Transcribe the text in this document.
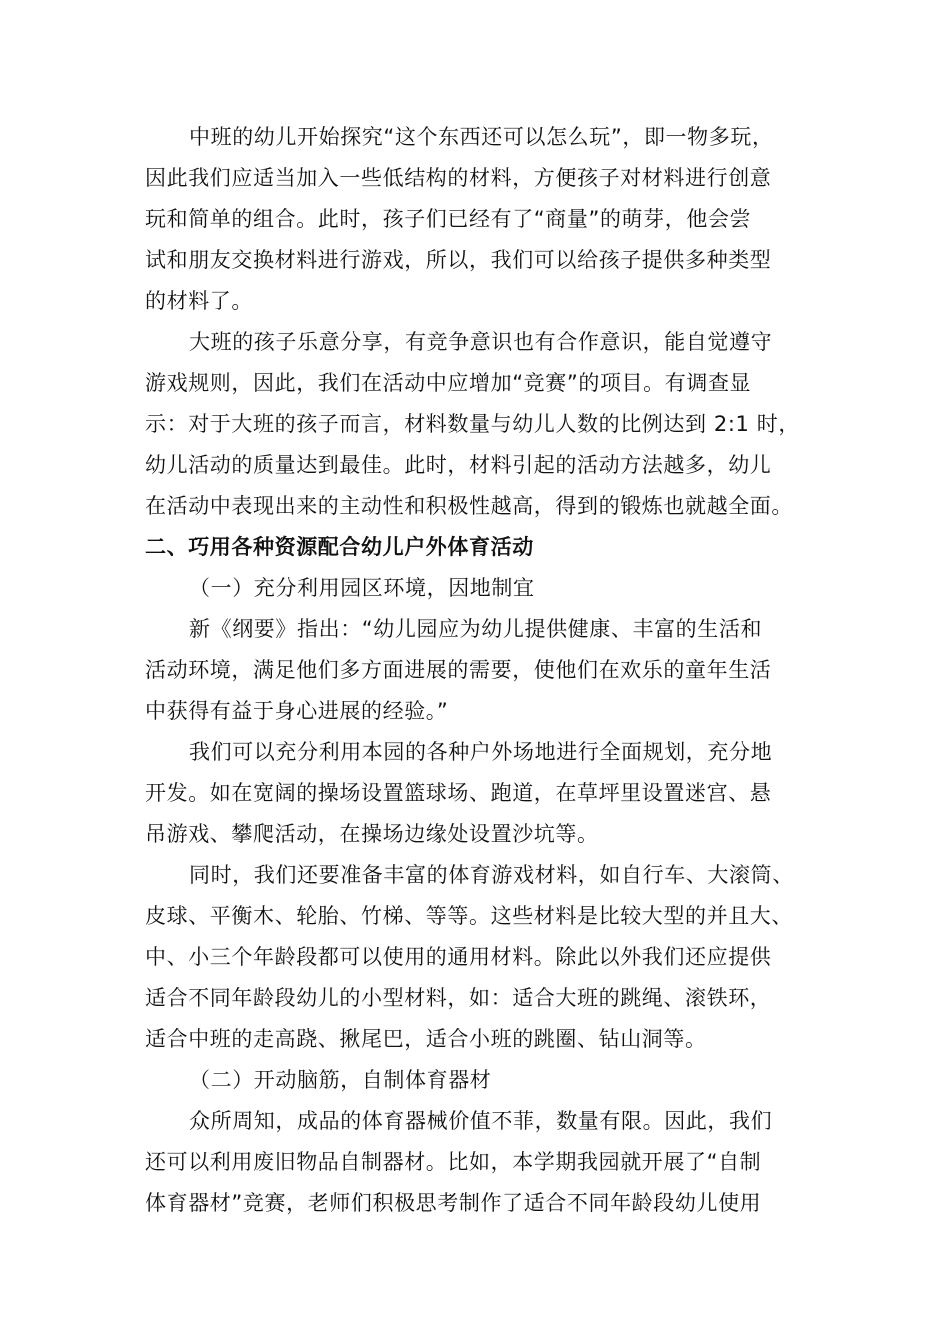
中班的幼儿开始探究“这个东西还可以怎么玩”，即一物多玩，
因此我们应适当加入一些低结构的材料，方便孩子对材料进行创意
玩和简单的组合。此时，孩子们已经有了“商量”的萌芽，他会尝
试和朋友交换材料进行游戏，所以，我们可以给孩子提供多种类型
的材料了。
大班的孩子乐意分享，有竞争意识也有合作意识，能自觉遵守
游戏规则，因此，我们在活动中应增加“竞赛”的项目。有调查显
示：对于大班的孩子而言，材料数量与幼儿人数的比例达到 2:1 时，
幼儿活动的质量达到最佳。此时，材料引起的活动方法越多，幼儿
在活动中表现出来的主动性和积极性越高，得到的锻炼也就越全面。
二、巧用各种资源配合幼儿户外体育活动
（一）充分利用园区环境，因地制宜
新《纲要》指出：“幼儿园应为幼儿提供健康、丰富的生活和
活动环境，满足他们多方面进展的需要，使他们在欢乐的童年生活
中获得有益于身心进展的经验。”
我们可以充分利用本园的各种户外场地进行全面规划，充分地
开发。如在宽阔的操场设置篮球场、跑道，在草坪里设置迷宫、悬
吊游戏、攀爬活动，在操场边缘处设置沙坑等。
同时，我们还要准备丰富的体育游戏材料，如自行车、大滚筒、
皮球、平衡木、轮胎、竹梯、等等。这些材料是比较大型的并且大、
中、小三个年龄段都可以使用的通用材料。除此以外我们还应提供
适合不同年龄段幼儿的小型材料，如：适合大班的跳绳、滚铁环，
适合中班的走高跷、揪尾巴，适合小班的跳圈、钻山洞等。
（二）开动脑筋，自制体育器材
众所周知，成品的体育器械价值不菲，数量有限。因此，我们
还可以利用废旧物品自制器材。比如，本学期我园就开展了“自制
体育器材”竞赛，老师们积极思考制作了适合不同年龄段幼儿使用
